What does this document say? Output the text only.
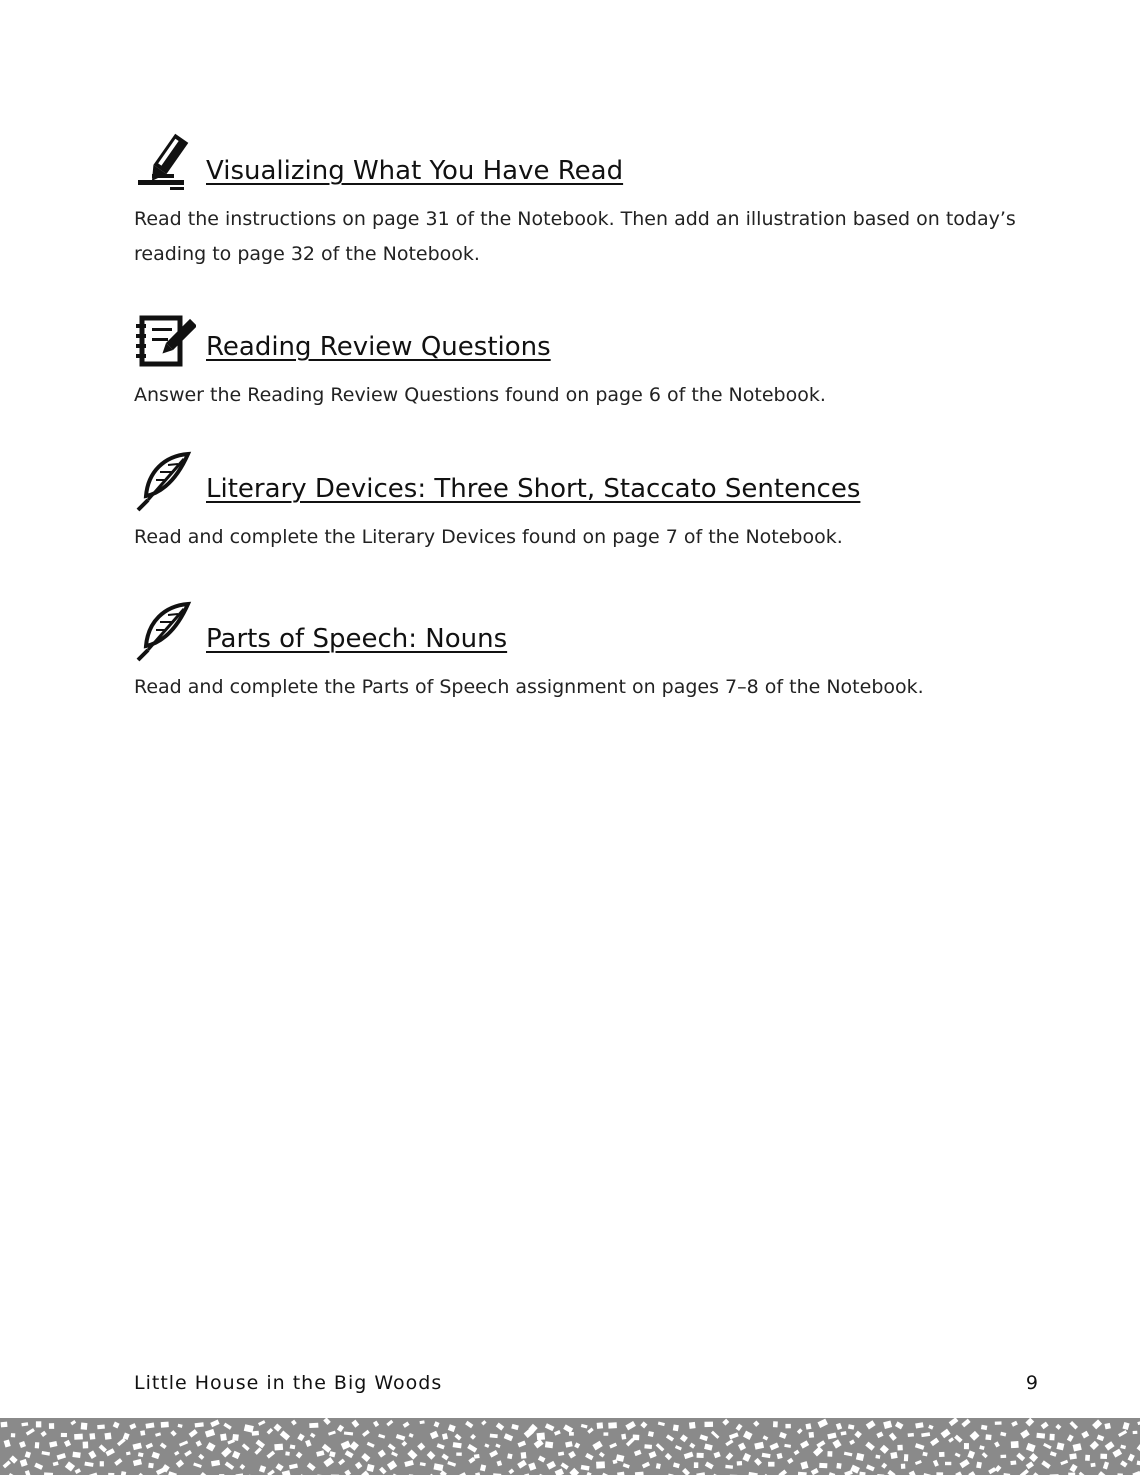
Visualizing What You Have Read
Read the instructions on page 31 of the Notebook. Then add an illustration based on today’s reading to page 32 of the Notebook.
Reading Review Questions
Answer the Reading Review Questions found on page 6 of the Notebook.
Literary Devices: Three Short, Staccato Sentences
Read and complete the Literary Devices found on page 7 of the Notebook.
Parts of Speech: Nouns
Read and complete the Parts of Speech assignment on pages 7–8 of the Notebook.
Little House in the Big Woods	9
